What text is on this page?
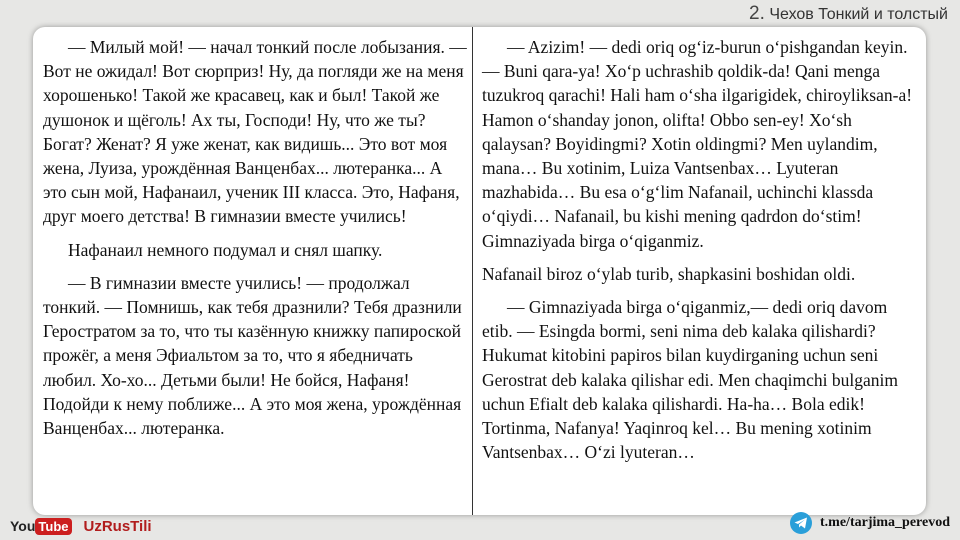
2. Чехов Тонкий и толстый

— Милый мой! — начал тонкий после лобызания. — Вот не ожидал! Вот сюрприз! Ну, да погляди же на меня хорошенько! Такой же красавец, как и был! Такой же душонок и щёголь! Ах ты, Господи! Ну, что же ты? Богат? Женат? Я уже женат, как видишь... Это вот моя жена, Луиза, урождённая Ванценбах... лютеранка... А это сын мой, Нафанаил, ученик III класса. Это, Нафаня, друг моего детства! В гимназии вместе учились!

Нафанаил немного подумал и снял шапку.

— В гимназии вместе учились! — продолжал тонкий. — Помнишь, как тебя дразнили? Тебя дразнили Геростратом за то, что ты казённую книжку папироской прожёг, а меня Эфиальтом за то, что я ябедничать любил. Хо-хо... Детьми были! Не бойся, Нафаня! Подойди к нему поближе... А это моя жена, урождённая Ванценбах... лютеранка.

— Azizim! — dedi oriq og‘iz-burun o‘pishgandan keyin. — Buni qara-ya! Xo‘p uchrashib qoldik-da! Qani menga tuzukroq qarachi! Hali ham o‘sha ilgarigidek, chiroyliksan-a! Hamon o‘shanday jonon, olifta! Obbo sen-ey! Xo‘sh qalaysan? Boyidingmi? Xotin oldingmi? Men uylandim, mana… Bu xotinim, Luiza Vantsenbax… Lyuteran mazhabida… Bu esa o‘g‘lim Nafanail, uchinchi klassda o‘qiydi… Nafanail, bu kishi mening qadrdon do‘stim! Gimnaziyada birga o‘qiganmiz.

Nafanail biroz o‘ylab turib, shapkasini boshidan oldi.

— Gimnaziyada birga o‘qiganmiz,— dedi oriq davom etib. — Esingda bormi, seni nima deb kalaka qilishardi? Hukumat kitobini papiros bilan kuydirganing uchun seni Gerostrat deb kalaka qilishar edi. Men chaqimchi bulganim uchun Efialt deb kalaka qilishardi. Ha-ha… Bola edik! Tortinma, Nafanya! Yaqinroq kel… Bu mening xotinim Vantsenbax… O‘zi lyuteran…

You Tube UzRusTili	t.me/tarjima_perevod
